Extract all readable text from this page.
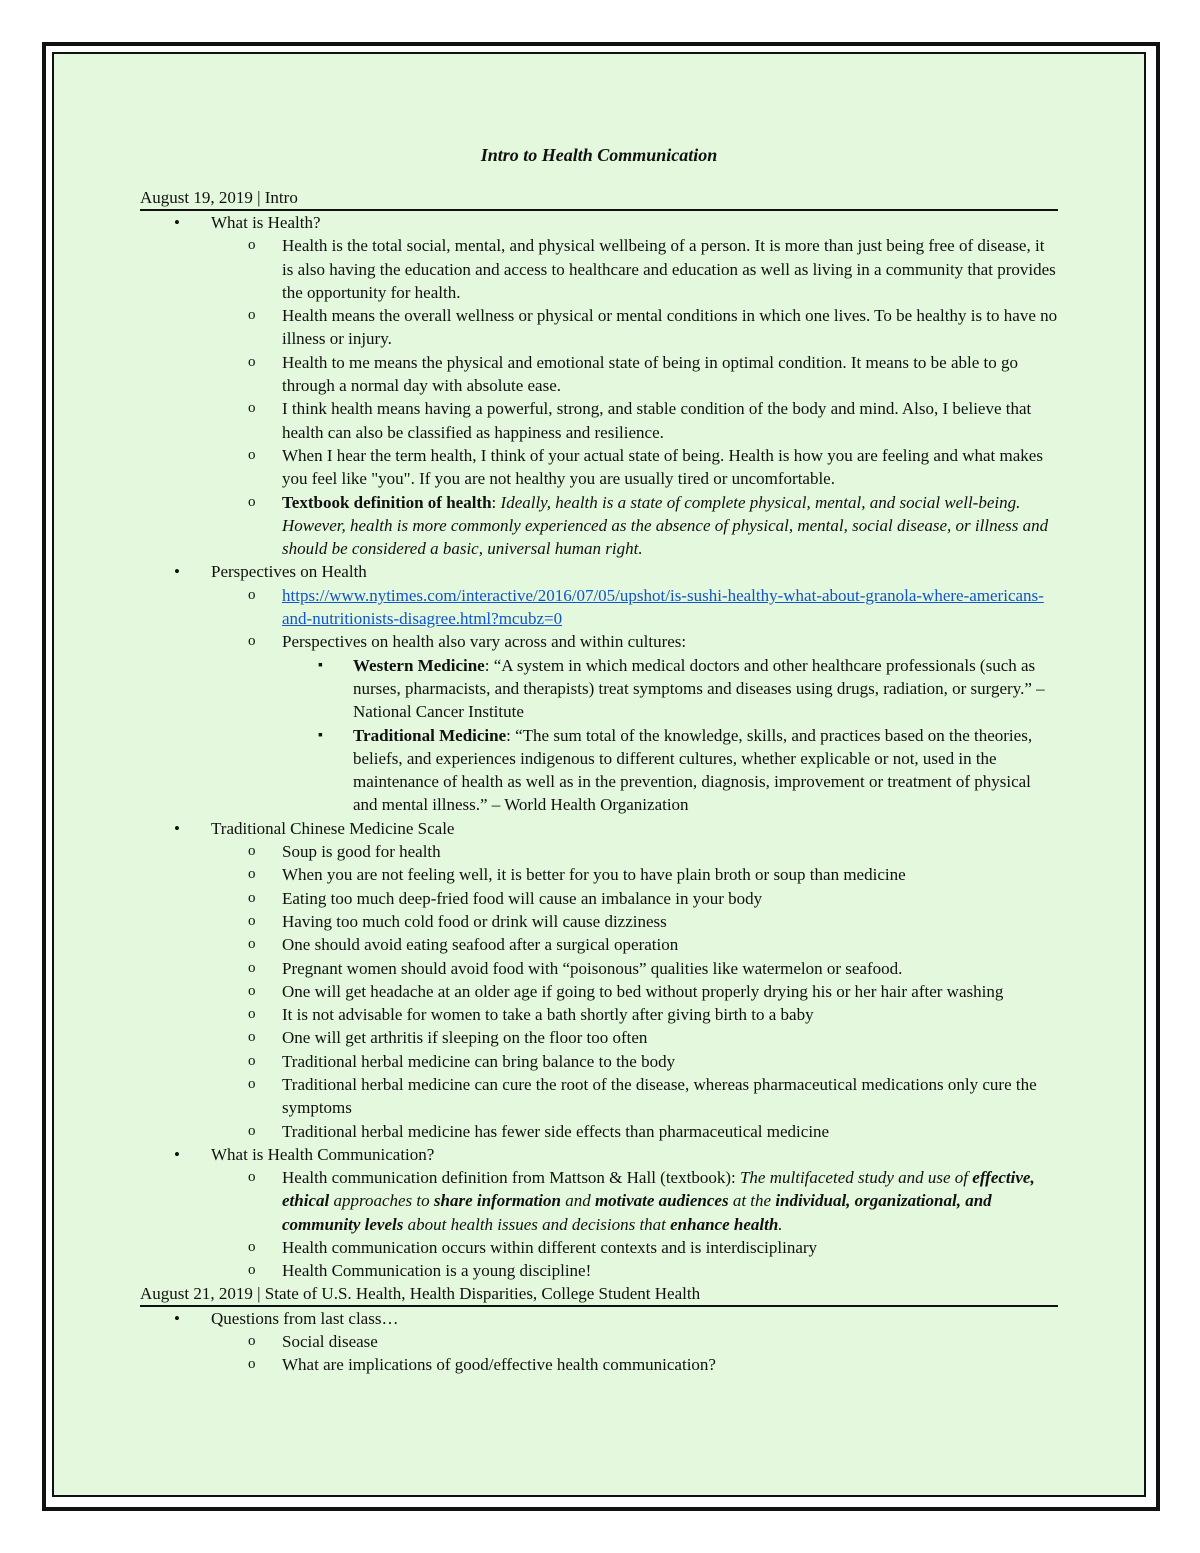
Intro to Health Communication

August 19, 2019 | Intro

• What is Health?
o Health is the total social, mental, and physical wellbeing of a person. It is more than just being free of disease, it is also having the education and access to healthcare and education as well as living in a community that provides the opportunity for health.
o Health means the overall wellness or physical or mental conditions in which one lives. To be healthy is to have no illness or injury.
o Health to me means the physical and emotional state of being in optimal condition. It means to be able to go through a normal day with absolute ease.
o I think health means having a powerful, strong, and stable condition of the body and mind. Also, I believe that health can also be classified as happiness and resilience.
o When I hear the term health, I think of your actual state of being. Health is how you are feeling and what makes you feel like "you". If you are not healthy you are usually tired or uncomfortable.
o Textbook definition of health: Ideally, health is a state of complete physical, mental, and social well-being. However, health is more commonly experienced as the absence of physical, mental, social disease, or illness and should be considered a basic, universal human right.
• Perspectives on Health
o https://www.nytimes.com/interactive/2016/07/05/upshot/is-sushi-healthy-what-about-granola-where-americans-and-nutritionists-disagree.html?mcubz=0
o Perspectives on health also vary across and within cultures:
▪ Western Medicine: “A system in which medical doctors and other healthcare professionals (such as nurses, pharmacists, and therapists) treat symptoms and diseases using drugs, radiation, or surgery.” – National Cancer Institute
▪ Traditional Medicine: “The sum total of the knowledge, skills, and practices based on the theories, beliefs, and experiences indigenous to different cultures, whether explicable or not, used in the maintenance of health as well as in the prevention, diagnosis, improvement or treatment of physical and mental illness.” – World Health Organization
• Traditional Chinese Medicine Scale
o Soup is good for health
o When you are not feeling well, it is better for you to have plain broth or soup than medicine
o Eating too much deep-fried food will cause an imbalance in your body
o Having too much cold food or drink will cause dizziness
o One should avoid eating seafood after a surgical operation
o Pregnant women should avoid food with “poisonous” qualities like watermelon or seafood.
o One will get headache at an older age if going to bed without properly drying his or her hair after washing
o It is not advisable for women to take a bath shortly after giving birth to a baby
o One will get arthritis if sleeping on the floor too often
o Traditional herbal medicine can bring balance to the body
o Traditional herbal medicine can cure the root of the disease, whereas pharmaceutical medications only cure the symptoms
o Traditional herbal medicine has fewer side effects than pharmaceutical medicine
• What is Health Communication?
o Health communication definition from Mattson & Hall (textbook): The multifaceted study and use of effective, ethical approaches to share information and motivate audiences at the individual, organizational, and community levels about health issues and decisions that enhance health.
o Health communication occurs within different contexts and is interdisciplinary
o Health Communication is a young discipline!

August 21, 2019 | State of U.S. Health, Health Disparities, College Student Health

• Questions from last class…
o Social disease
o What are implications of good/effective health communication?
